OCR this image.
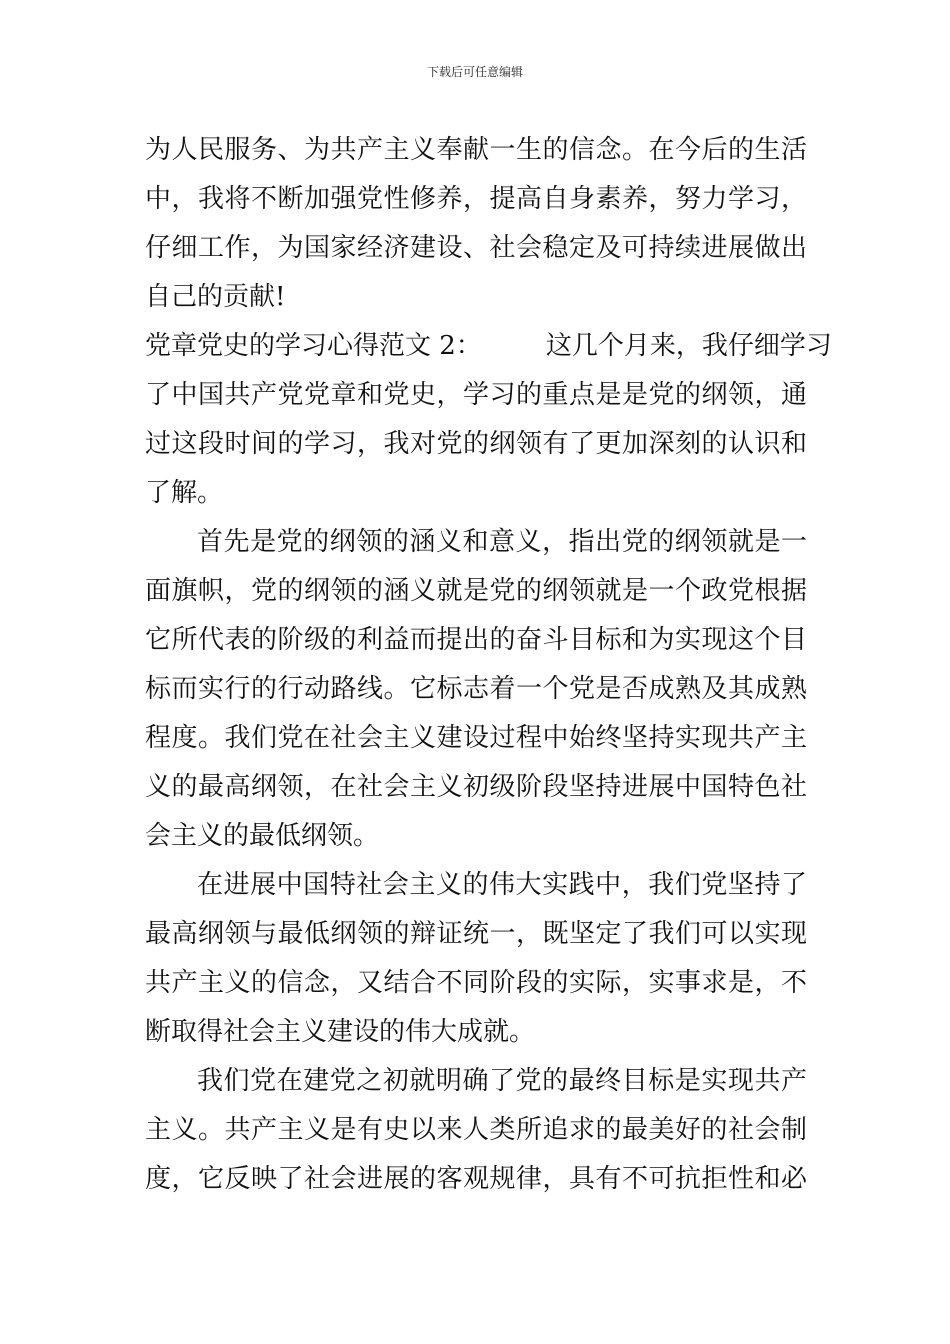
下载后可任意编辑
为人民服务、为共产主义奉献一生的信念。在今后的生活
中，我将不断加强党性修养，提高自身素养，努力学习，
仔细工作，为国家经济建设、社会稳定及可持续进展做出
自己的贡献!
党章党史的学习心得范文 2： 这几个月来，我仔细学习
了中国共产党党章和党史，学习的重点是是党的纲领，通
过这段时间的学习，我对党的纲领有了更加深刻的认识和
了解。
首先是党的纲领的涵义和意义，指出党的纲领就是一
面旗帜，党的纲领的涵义就是党的纲领就是一个政党根据
它所代表的阶级的利益而提出的奋斗目标和为实现这个目
标而实行的行动路线。它标志着一个党是否成熟及其成熟
程度。我们党在社会主义建设过程中始终坚持实现共产主
义的最高纲领，在社会主义初级阶段坚持进展中国特色社
会主义的最低纲领。
在进展中国特社会主义的伟大实践中，我们党坚持了
最高纲领与最低纲领的辩证统一，既坚定了我们可以实现
共产主义的信念，又结合不同阶段的实际，实事求是，不
断取得社会主义建设的伟大成就。
我们党在建党之初就明确了党的最终目标是实现共产
主义。共产主义是有史以来人类所追求的最美好的社会制
度，它反映了社会进展的客观规律，具有不可抗拒性和必
